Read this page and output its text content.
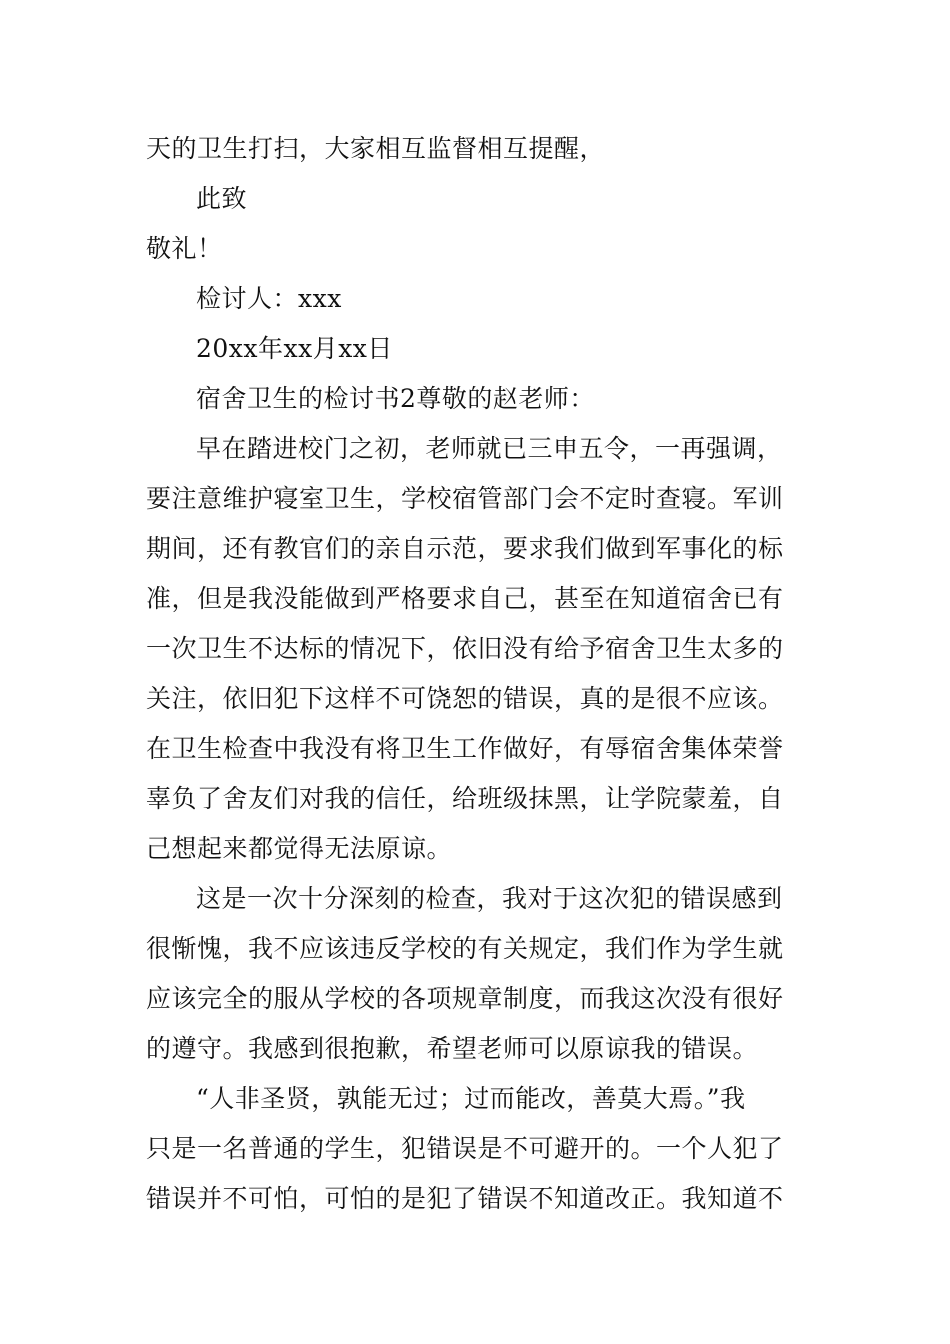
天的卫生打扫，大家相互监督相互提醒，
此致
敬礼！
检讨人：xxx
20xx年xx月xx日
宿舍卫生的检讨书2尊敬的赵老师：
早在踏进校门之初，老师就已三申五令，一再强调，
要注意维护寝室卫生，学校宿管部门会不定时查寝。军训
期间，还有教官们的亲自示范，要求我们做到军事化的标
准，但是我没能做到严格要求自己，甚至在知道宿舍已有
一次卫生不达标的情况下，依旧没有给予宿舍卫生太多的
关注，依旧犯下这样不可饶恕的错误，真的是很不应该。
在卫生检查中我没有将卫生工作做好，有辱宿舍集体荣誉
辜负了舍友们对我的信任，给班级抹黑，让学院蒙羞，自
己想起来都觉得无法原谅。
这是一次十分深刻的检查，我对于这次犯的错误感到
很惭愧，我不应该违反学校的有关规定，我们作为学生就
应该完全的服从学校的各项规章制度，而我这次没有很好
的遵守。我感到很抱歉，希望老师可以原谅我的错误。
“人非圣贤，孰能无过；过而能改，善莫大焉。”我
只是一名普通的学生，犯错误是不可避开的。一个人犯了
错误并不可怕，可怕的是犯了错误不知道改正。我知道不
